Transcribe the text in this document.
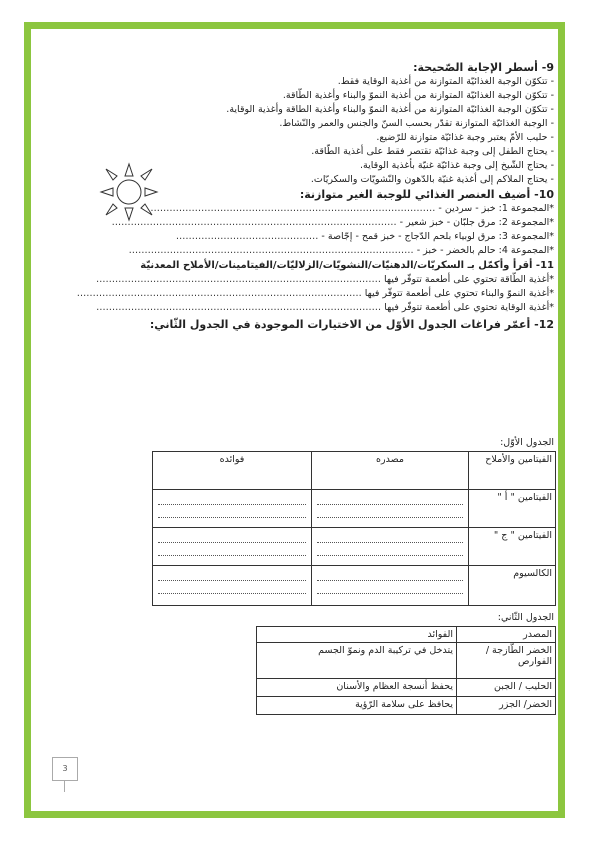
9- أسطر الإجابة الصّحيحة:

- تتكوّن الوجبة الغذائيّة المتوازنة من أغذية الوقاية فقط.

- تتكوّن الوجبة الغذائيّة المتوازنة من أغذية النموّ والبناء وأغذية الطّاقة.

- تتكوّن الوجبة الغذائيّة المتوازنة من أغذية النموّ والبناء وأغذية الطاقة وأغذية الوقاية.

- الوجبة الغذائيّة المتوازنة تقدّر بحسب السنّ والجنس والعمر والنّشاط.

- حليب الأمّ يعتبر وجبة غذائيّة متوازنة للرّضيع.

- يحتاج الطفل إلى وجبة غذائيّة تقتصر فقط على أغذية الطّاقة.

- يحتاج الشّيخ إلى وجبة غذائيّة غنيّة بأغذية الوقاية.

- يحتاج الملاكم إلى أغذية غنيّة بالدّهون والنّشويّات والسكريّات.

10- أضيف العنصر الغذائي للوجبة الغير متوازنة:

*المجموعة 1: خبز - سردين - ………………………………………………………………………………

*المجموعة 2: مرق جلبّان - خبز شعير - ………………………………………………………………………………

*المجموعة 3: مرق لوبياء بلحم الدّجاج - خبز قمح - إجّاصة - ………………………………………

*المجموعة 4: حالم بالخضر - خبز - ………………………………………………………………………………

11- أقرأ وأكمّل بـ السكريّات/الدهنيّات/النشويّات/الزلاليّات/الفيتامينات/الأملاح المعدنيّة

*أغذية الطّاقة تحتوي على أطعمة تتوفّر فيها ………………………………………………………………………………

*أغذية النموّ والبناء تحتوي على أطعمة تتوفّر فيها ………………………………………………………………………………

*أغذية الوقاية تحتوي على أطعمة تتوفّر فيها ………………………………………………………………………………

12- أعمّر فراغات الجدول الأوّل من الاختيارات الموجودة في الجدول الثّاني:

الجدول الأوّل:
الفيتامين والأملاح	مصدره	فوائده
الفيتامين " أ "	

الفيتامين " ج "	

الكالسيوم	

الجدول الثّاني:
المصدر	الفوائد
الخضر الطّازجة / الفوارص	يتدخل في تركيبة الدم ونموّ الجسم
الحليب / الجبن	يحفظ أنسجة العظام والأسنان
الخضر/ الجزر	يحافظ على سلامة الرّؤية
3
